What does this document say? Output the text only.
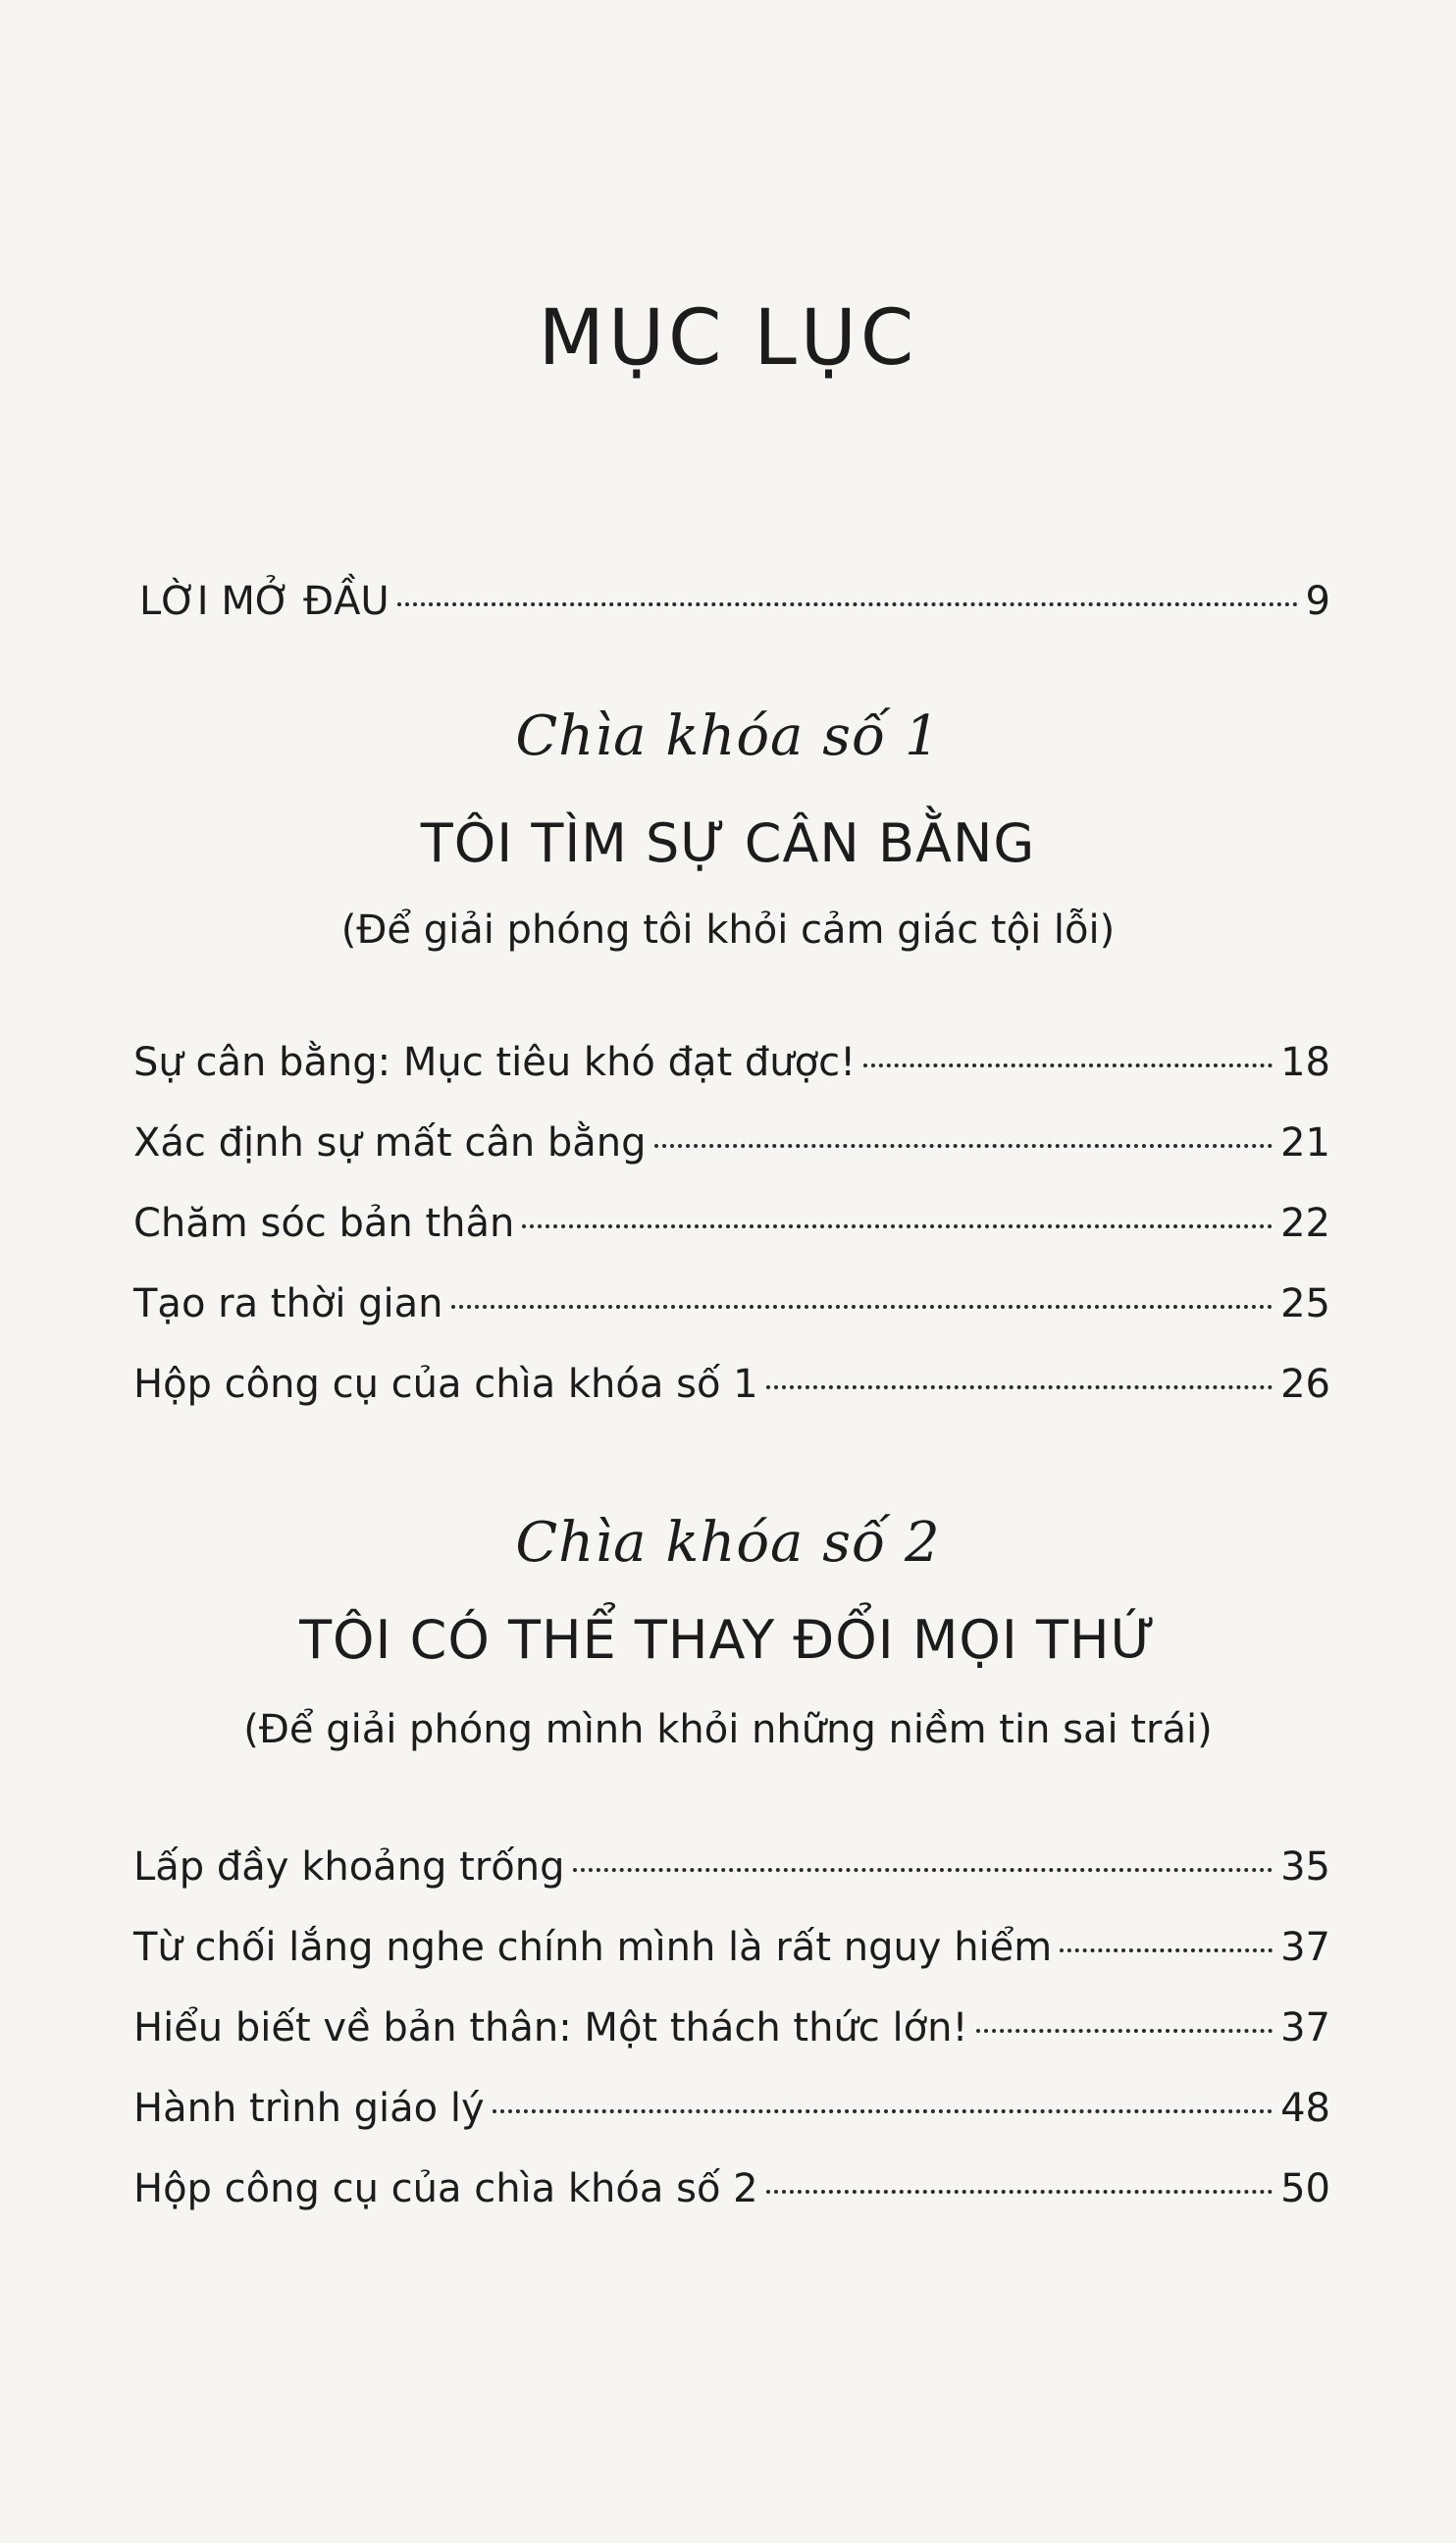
MỤC LỤC
LỜI MỞ ĐẦU	9
Chìa khóa số 1
TÔI TÌM SỰ CÂN BẰNG
(Để giải phóng tôi khỏi cảm giác tội lỗi)
Sự cân bằng: Mục tiêu khó đạt được!	18
Xác định sự mất cân bằng	21
Chăm sóc bản thân	22
Tạo ra thời gian	25
Hộp công cụ của chìa khóa số 1	26
Chìa khóa số 2
TÔI CÓ THỂ THAY ĐỔI MỌI THỨ
(Để giải phóng mình khỏi những niềm tin sai trái)
Lấp đầy khoảng trống	35
Từ chối lắng nghe chính mình là rất nguy hiểm	37
Hiểu biết về bản thân: Một thách thức lớn!	37
Hành trình giáo lý	48
Hộp công cụ của chìa khóa số 2	50
